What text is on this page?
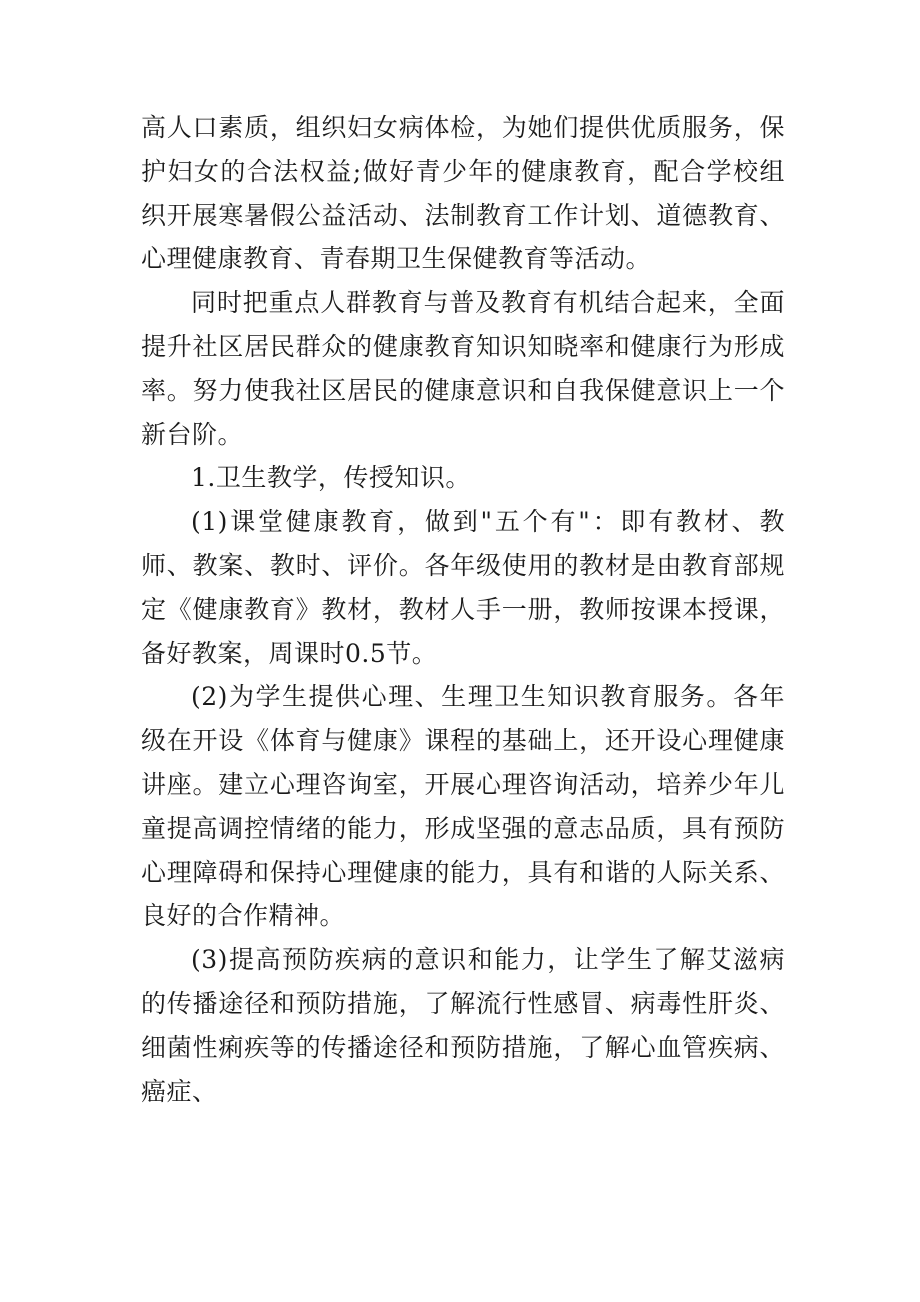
高人口素质，组织妇女病体检，为她们提供优质服务，保护妇女的合法权益;做好青少年的健康教育，配合学校组织开展寒暑假公益活动、法制教育工作计划、道德教育、心理健康教育、青春期卫生保健教育等活动。

同时把重点人群教育与普及教育有机结合起来，全面提升社区居民群众的健康教育知识知晓率和健康行为形成率。努力使我社区居民的健康意识和自我保健意识上一个新台阶。

1.卫生教学，传授知识。

(1)课堂健康教育，做到"五个有"：即有教材、教师、教案、教时、评价。各年级使用的教材是由教育部规定《健康教育》教材，教材人手一册，教师按课本授课，备好教案，周课时0.5节。

(2)为学生提供心理、生理卫生知识教育服务。各年级在开设《体育与健康》课程的基础上，还开设心理健康讲座。建立心理咨询室，开展心理咨询活动，培养少年儿童提高调控情绪的能力，形成坚强的意志品质，具有预防心理障碍和保持心理健康的能力，具有和谐的人际关系、良好的合作精神。

(3)提高预防疾病的意识和能力，让学生了解艾滋病的传播途径和预防措施，了解流行性感冒、病毒性肝炎、细菌性痢疾等的传播途径和预防措施，了解心血管疾病、癌症、
